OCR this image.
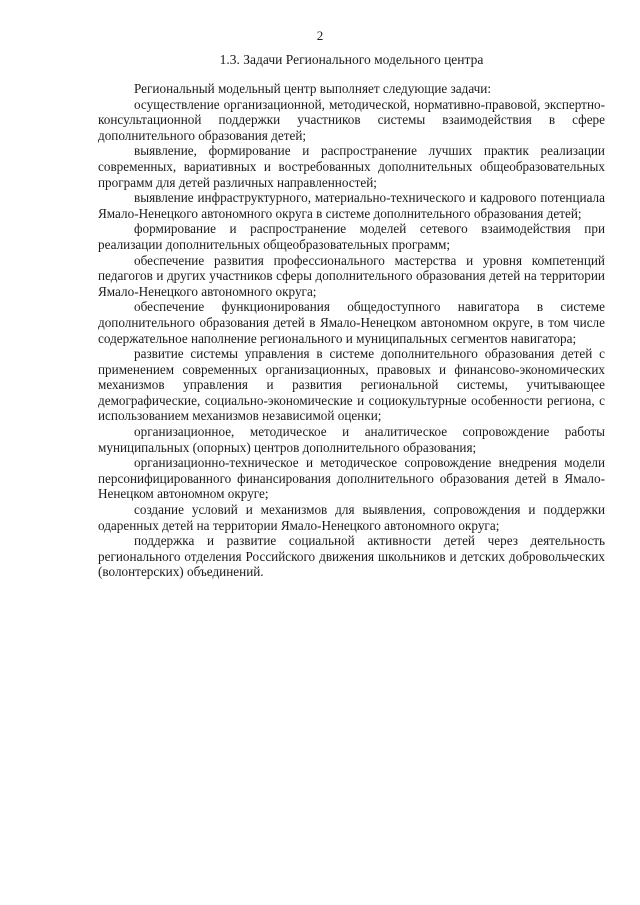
2
1.3. Задачи Регионального модельного центра

Региональный модельный центр выполняет следующие задачи:

осуществление организационной, методической, нормативно-правовой, экспертно-консультационной поддержки участников системы взаимодействия в сфере дополнительного образования детей;

выявление, формирование и распространение лучших практик реализации современных, вариативных и востребованных дополнительных общеобразовательных программ для детей различных направленностей;

выявление инфраструктурного, материально-технического и кадрового потенциала Ямало-Ненецкого автономного округа в системе дополнительного образования детей;

формирование и распространение моделей сетевого взаимодействия при реализации дополнительных общеобразовательных программ;

обеспечение развития профессионального мастерства и уровня компетенций педагогов и других участников сферы дополнительного образования детей на территории Ямало-Ненецкого автономного округа;

обеспечение функционирования общедоступного навигатора в системе дополнительного образования детей в Ямало-Ненецком автономном округе, в том числе содержательное наполнение регионального и муниципальных сегментов навигатора;

развитие системы управления в системе дополнительного образования детей с применением современных организационных, правовых и финансово-экономических механизмов управления и развития региональной системы, учитывающее демографические, социально-экономические и социокультурные особенности региона, с использованием механизмов независимой оценки;

организационное, методическое и аналитическое сопровождение работы муниципальных (опорных) центров дополнительного образования;

организационно-техническое и методическое сопровождение внедрения модели персонифицированного финансирования дополнительного образования детей в Ямало-Ненецком автономном округе;

создание условий и механизмов для выявления, сопровождения и поддержки одаренных детей на территории Ямало-Ненецкого автономного округа;

поддержка и развитие социальной активности детей через деятельность регионального отделения Российского движения школьников и детских добровольческих (волонтерских) объединений.
